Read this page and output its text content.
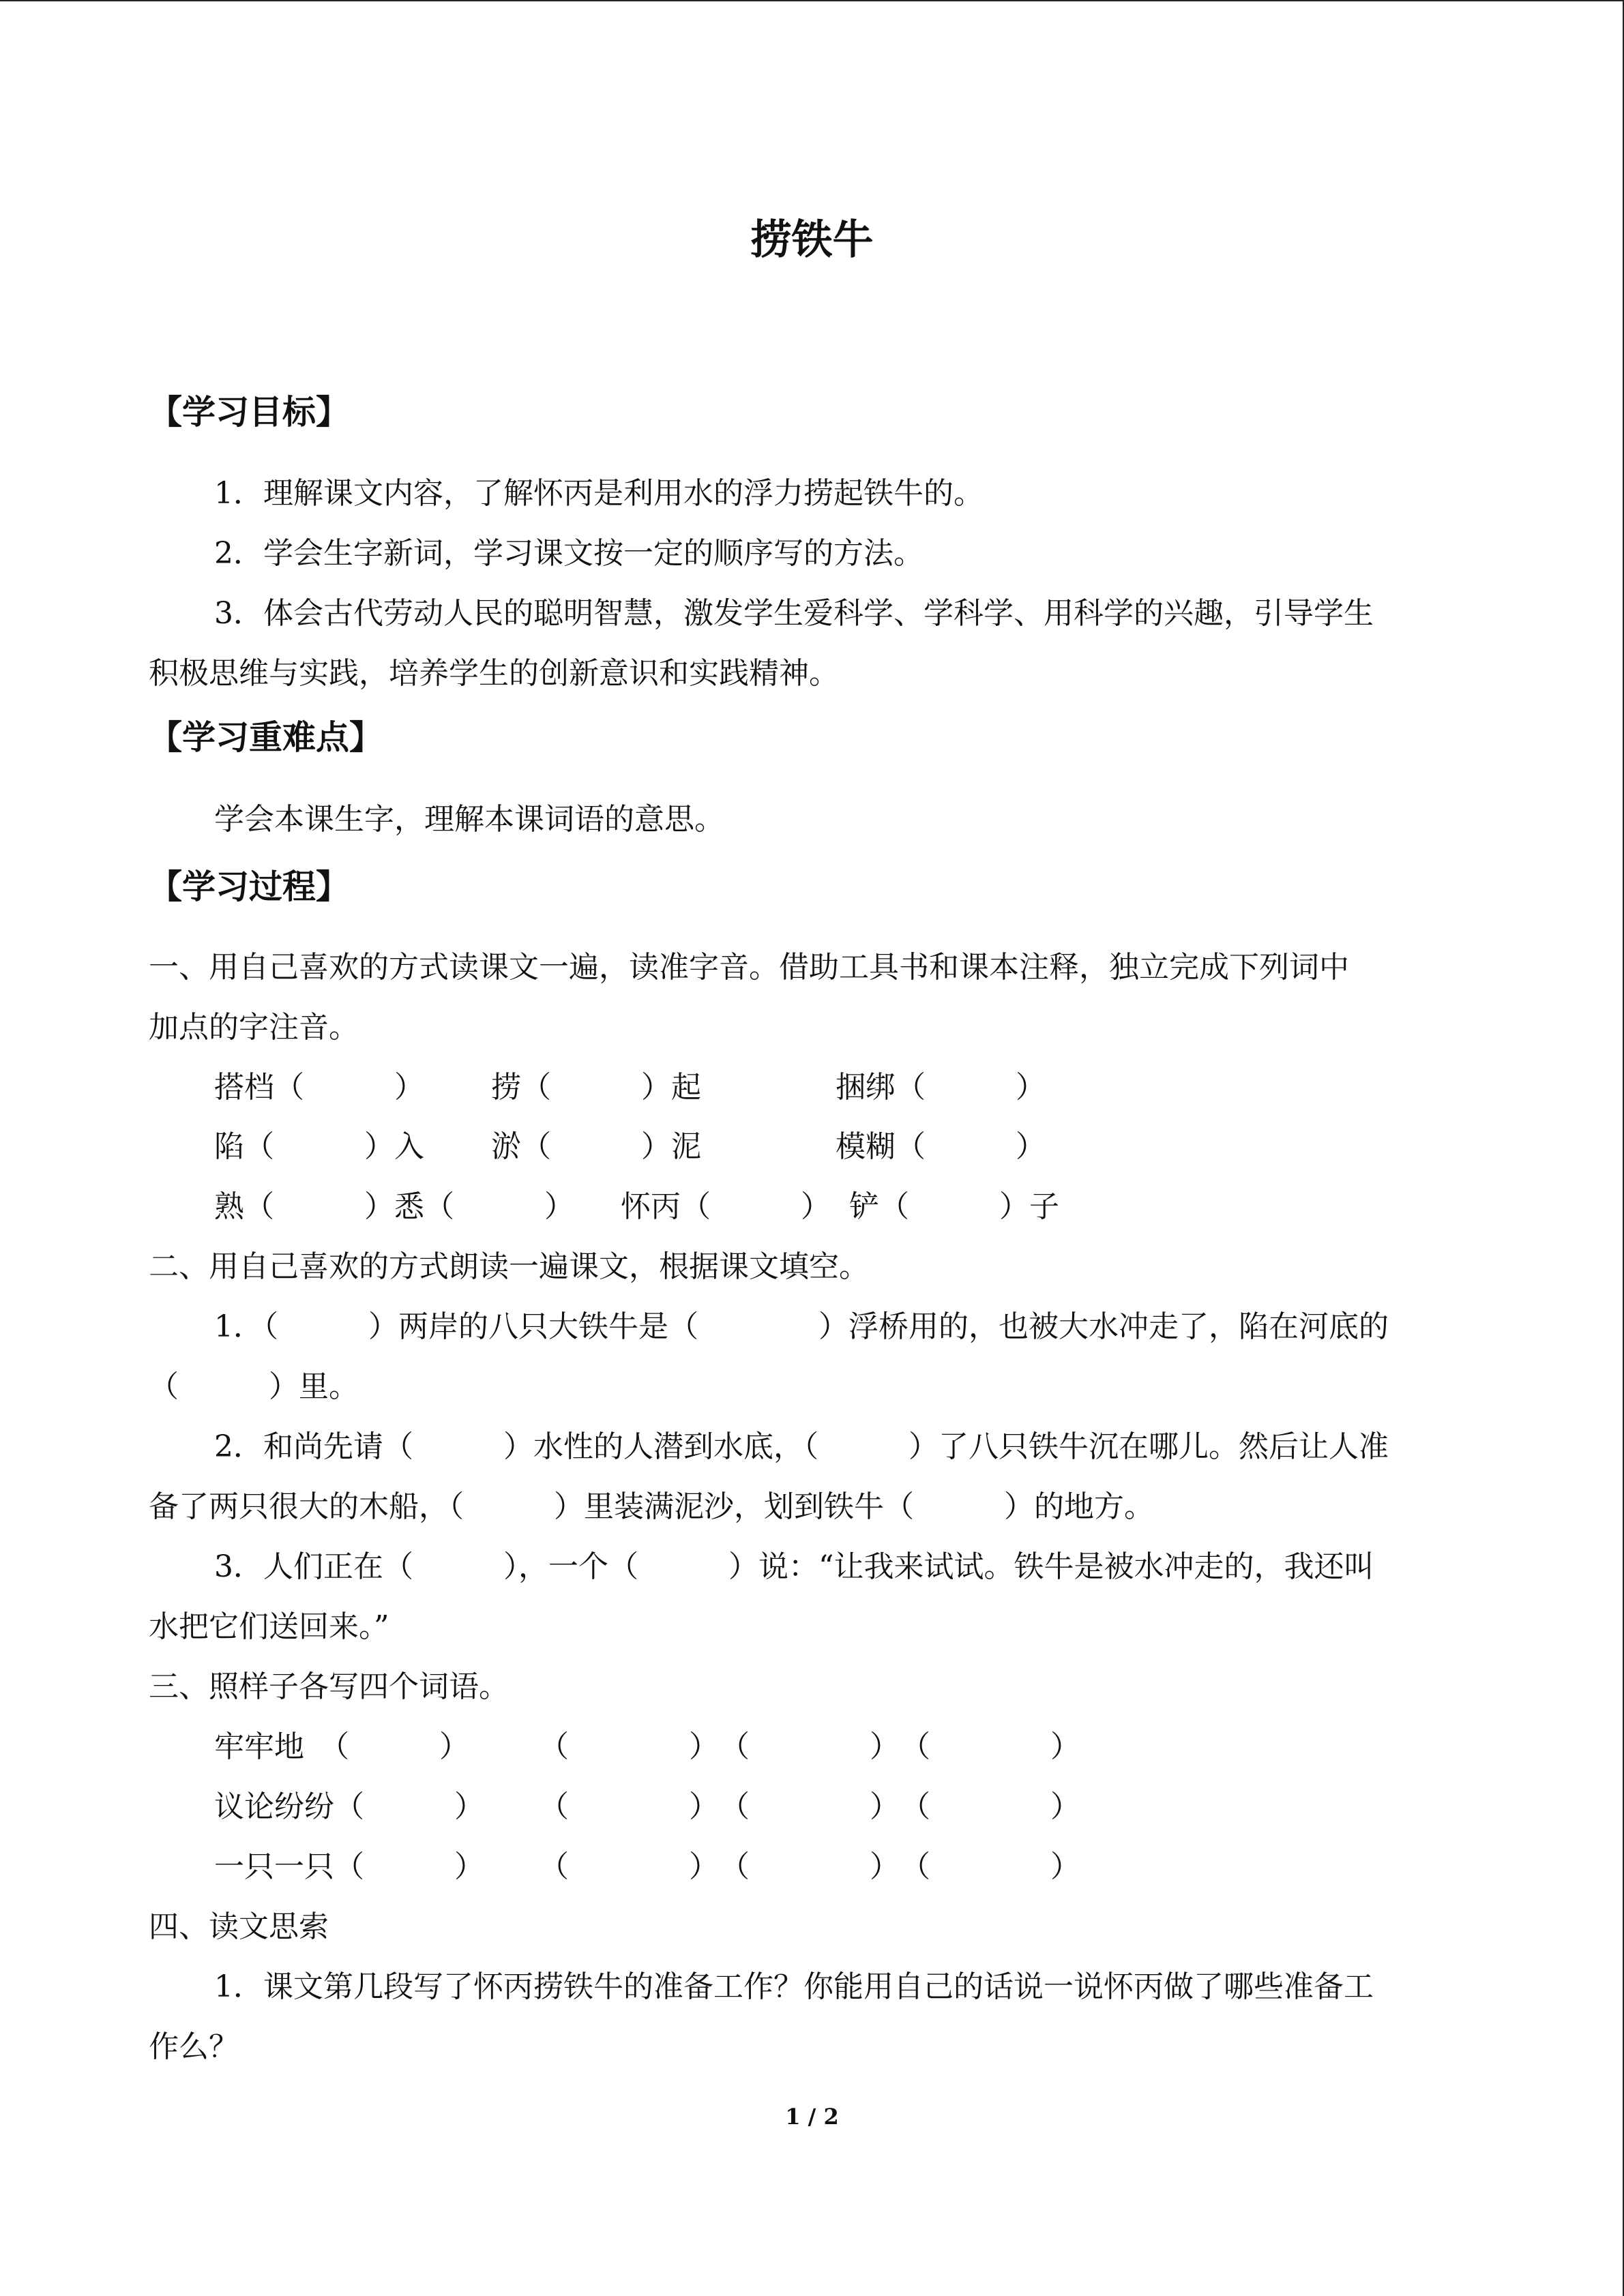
捞铁牛
【学习目标】
1．理解课文内容，了解怀丙是利用水的浮力捞起铁牛的。
2．学会生字新词，学习课文按一定的顺序写的方法。
3．体会古代劳动人民的聪明智慧，激发学生爱科学、学科学、用科学的兴趣，引导学生
积极思维与实践，培养学生的创新意识和实践精神。
【学习重难点】
学会本课生字，理解本课词语的意思。
【学习过程】
一、用自己喜欢的方式读课文一遍，读准字音。借助工具书和课本注释，独立完成下列词中
加点的字注音。
搭档（　　　） 捞（　　　）起	捆绑（　　　）
陷（　　　）入 淤（　　　）泥	模糊（　　　）
熟（　　　）悉（　　　） 怀丙（　　　） 铲（　　　）子
二、用自己喜欢的方式朗读一遍课文，根据课文填空。
1．（　　　）两岸的八只大铁牛是（　　　　）浮桥用的，也被大水冲走了，陷在河底的
（　　　）里。
2．和尚先请（　　　）水性的人潜到水底，（　　　）了八只铁牛沉在哪儿。然后让人准
备了两只很大的木船，（　　　）里装满泥沙，划到铁牛（　　　）的地方。
3．人们正在（　　　），一个（　　　）说：“让我来试试。铁牛是被水冲走的，我还叫
水把它们送回来。”
三、照样子各写四个词语。
牢牢地　（　　　） （　　　　） （　　　　） （　　　　）
议论纷纷（　　　） （　　　　） （　　　　） （　　　　）
一只一只（　　　） （　　　　） （　　　　） （　　　　）
四、读文思索
1．课文第几段写了怀丙捞铁牛的准备工作？你能用自己的话说一说怀丙做了哪些准备工
作么？
1 / 2
